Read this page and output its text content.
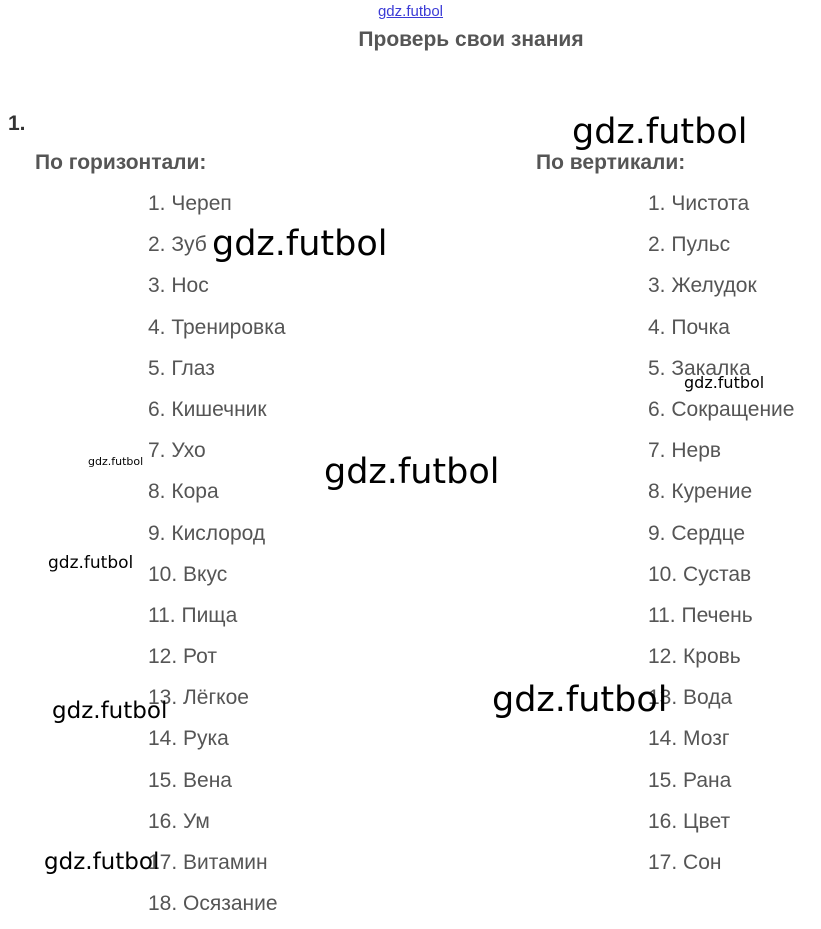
gdz.futbol
Проверь свои знания
1.
По горизонтали:	По вертикали:
1. Череп
2. Зуб
3. Нос
4. Тренировка
5. Глаз
6. Кишечник
7. Ухо
8. Кора
9. Кислород
10. Вкус
11. Пища
12. Рот
13. Лёгкое
14. Рука
15. Вена
16. Ум
17. Витамин
18. Осязание
1. Чистота
2. Пульс
3. Желудок
4. Почка
5. Закалка
6. Сокращение
7. Нерв
8. Курение
9. Сердце
10. Сустав
11. Печень
12. Кровь
13. Вода
14. Мозг
15. Рана
16. Цвет
17. Сон
gdz.futbol
gdz.futbol
gdz.futbol
gdz.futbol	gdz.futbol
gdz.futbol
gdz.futbol
gdz.futbol
gdz.futbol
